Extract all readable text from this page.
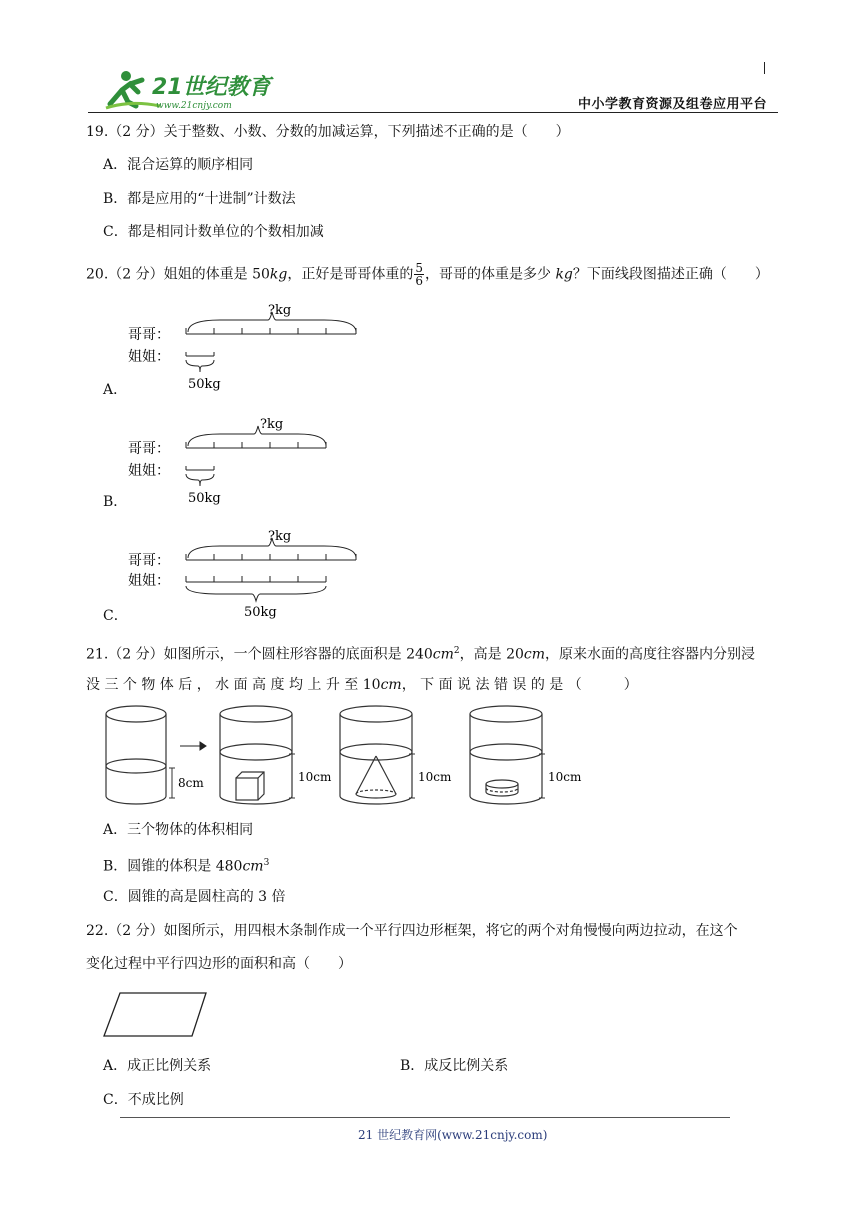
21世纪教育
www.21cnjy.com	中小学教育资源及组卷应用平台
19.（2 分）关于整数、小数、分数的加减运算，下列描述不正确的是（　　）
A．混合运算的顺序相同
B．都是应用的“十进制”计数法
C．都是相同计数单位的个数相加减
20.（2 分）姐姐的体重是 50kg，正好是哥哥体重的 $\frac{5}{6}$ ，哥哥的体重是多少 kg？下面线段图描述正确（　　）
?kg
哥哥：
姐姐：
50kg
A．
?kg
哥哥：
姐姐：
50kg
B．
?kg
哥哥：
姐姐：
50kg
C．
21.（2 分）如图所示，一个圆柱形容器的底面积是 $240cm^2$，高是 20cm，原来水面的高度往容器内分别浸
没 三 个 物 体 后 ， 水 面 高 度 均 上 升 至 10cm， 下 面 说 法 错 误 的 是 （　　　）
8cm	10cm	10cm	10cm
A．三个物体的体积相同
B．圆锥的体积是 $480cm^3$
C．圆锥的高是圆柱高的 3 倍
22.（2 分）如图所示，用四根木条制作成一个平行四边形框架，将它的两个对角慢慢向两边拉动，在这个
变化过程中平行四边形的面积和高（　　）
A．成正比例关系	B．成反比例关系
C．不成比例
21 世纪教育网(www.21cnjy.com)
